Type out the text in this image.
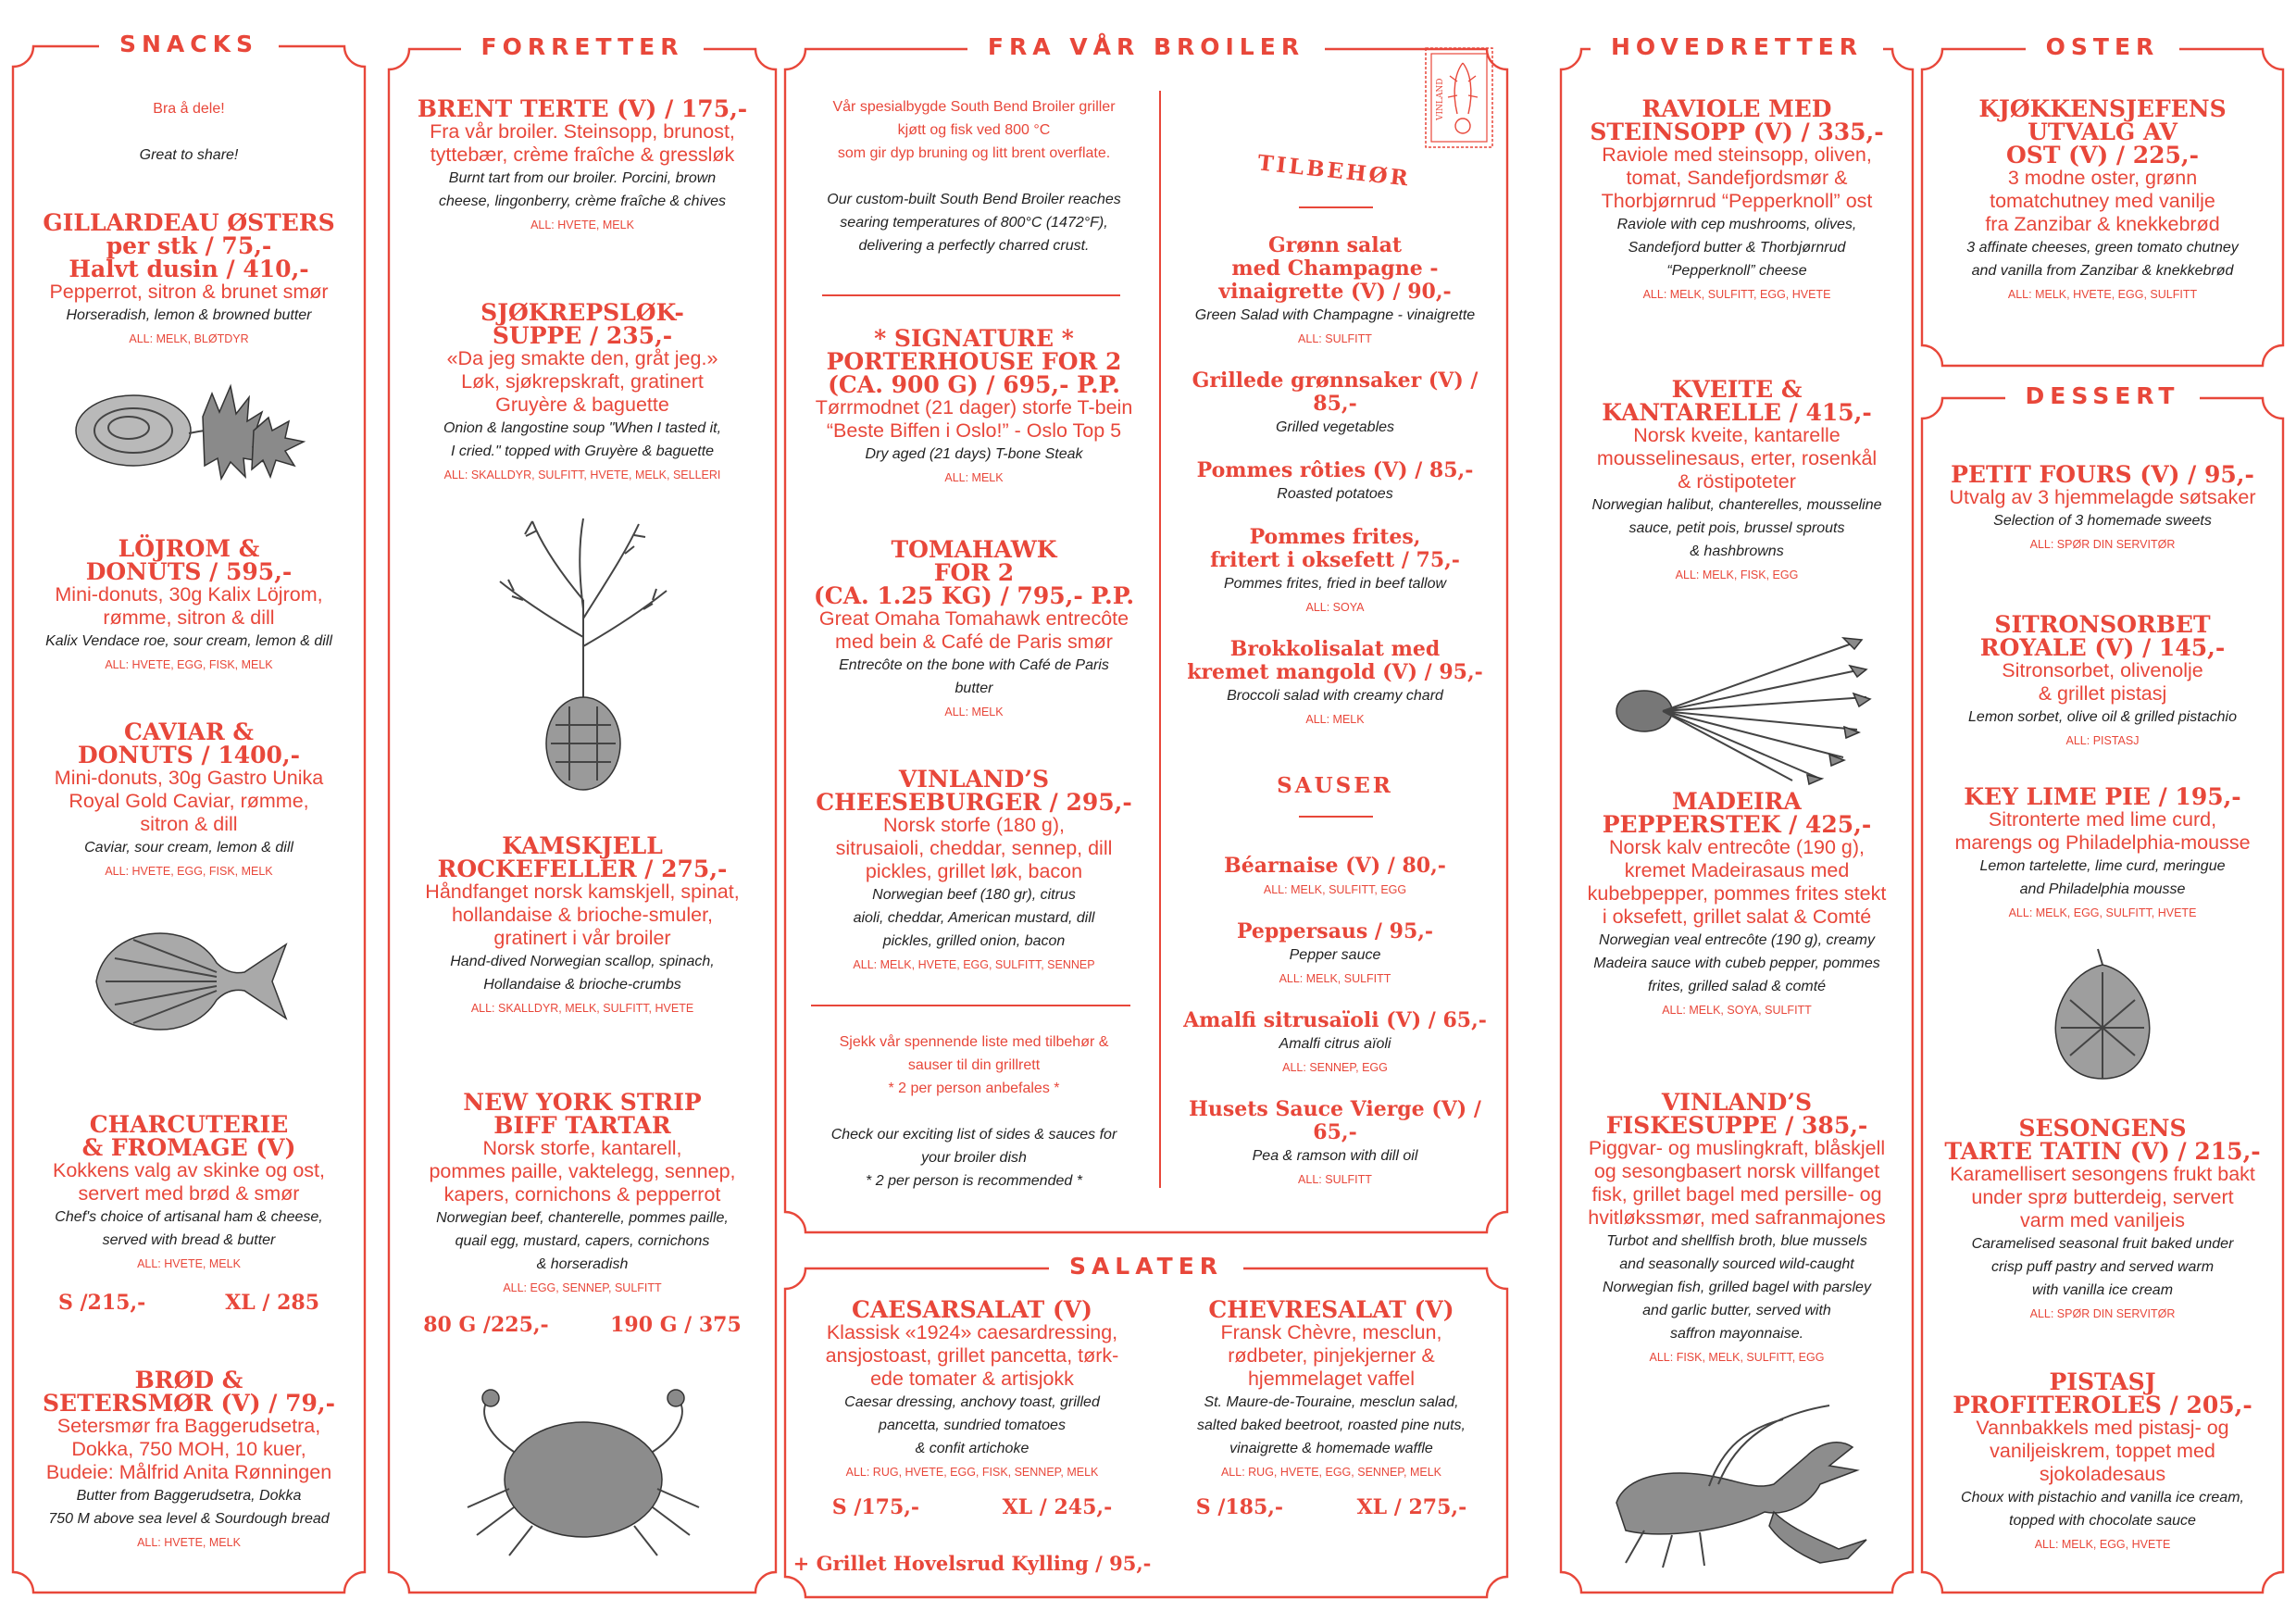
SNACKS
Bra å dele!
Great to share!
GILLARDEAU ØSTERS
per stk / 75,-
Halvt dusin / 410,-
Pepperrot, sitron & brunet smør
Horseradish, lemon & browned butter
ALL: MELK, BLØTDYR
LÖJROM &
DONUTS / 595,-
Mini-donuts, 30g Kalix Löjrom,
rømme, sitron & dill
Kalix Vendace roe, sour cream, lemon & dill
ALL: HVETE, EGG, FISK, MELK
CAVIAR &
DONUTS / 1400,-
Mini-donuts, 30g Gastro Unika
Royal Gold Caviar, rømme,
sitron & dill
Caviar, sour cream, lemon & dill
ALL: HVETE, EGG, FISK, MELK
CHARCUTERIE
& FROMAGE (V)
Kokkens valg av skinke og ost,
servert med brød & smør
Chef's choice of artisanal ham & cheese,
served with bread & butter
ALL: HVETE, MELK
S /215,-	XL / 285
BRØD &
SETERSMØR (V) / 79,-
Setersmør fra Baggerudsetra,
Dokka, 750 MOH, 10 kuer,
Budeie: Målfrid Anita Rønningen
Butter from Baggerudsetra, Dokka
750 M above sea level & Sourdough bread
ALL: HVETE, MELK
FORRETTER
BRENT TERTE (V) / 175,-
Fra vår broiler. Steinsopp, brunost,
tyttebær, crème fraîche & gressløk
Burnt tart from our broiler. Porcini, brown
cheese, lingonberry, crème fraîche & chives
ALL: HVETE, MELK
SJØKREPSLØK-
SUPPE / 235,-
«Da jeg smakte den, gråt jeg.»
Løk, sjøkrepskraft, gratinert
Gruyère & baguette
Onion & langostine soup "When I tasted it,
I cried." topped with Gruyère & baguette
ALL: SKALLDYR, SULFITT, HVETE, MELK, SELLERI
KAMSKJELL
ROCKEFELLER / 275,-
Håndfanget norsk kamskjell, spinat,
hollandaise & brioche-smuler,
gratinert i vår broiler
Hand-dived Norwegian scallop, spinach,
Hollandaise & brioche-crumbs
ALL: SKALLDYR, MELK, SULFITT, HVETE
NEW YORK STRIP
BIFF TARTAR
Norsk storfe, kantarell,
pommes paille, vaktelegg, sennep,
kapers, cornichons & pepperrot
Norwegian beef, chanterelle, pommes paille,
quail egg, mustard, capers, cornichons
& horseradish
ALL: EGG, SENNEP, SULFITT
80 G /225,-	190 G / 375
FRA VÅR BROILER
Vår spesialbygde South Bend Broiler griller
kjøtt og fisk ved 800 °C
som gir dyp bruning og litt brent overflate.
Our custom-built South Bend Broiler reaches
searing temperatures of 800°C (1472°F),
delivering a perfectly charred crust.
* SIGNATURE *
PORTERHOUSE FOR 2
(CA. 900 G) / 695,- P.P.
Tørrmodnet (21 dager) storfe T-bein
“Beste Biffen i Oslo!” - Oslo Top 5
Dry aged (21 days) T-bone Steak
ALL: MELK
TOMAHAWK
FOR 2
(CA. 1.25 KG) / 795,- P.P.
Great Omaha Tomahawk entrecôte
med bein & Café de Paris smør
Entrecôte on the bone with Café de Paris
butter
ALL: MELK
VINLAND’S
CHEESEBURGER / 295,-
Norsk storfe (180 g),
sitrusaioli, cheddar, sennep, dill
pickles, grillet løk, bacon
Norwegian beef (180 gr), citrus
aioli, cheddar, American mustard, dill
pickles, grilled onion, bacon
ALL: MELK, HVETE, EGG, SULFITT, SENNEP
Sjekk vår spennende liste med tilbehør &
sauser til din grillrett
* 2 per person anbefales *
Check our exciting list of sides & sauces for
your broiler dish
* 2 per person is recommended *
VINLAND
TILBEHØR
Grønn salat
med Champagne -
vinaigrette (V) / 90,-
Green Salad with Champagne - vinaigrette
ALL: SULFITT
Grillede grønnsaker (V) / 85,-
Grilled vegetables
Pommes rôties (V) / 85,-
Roasted potatoes
Pommes frites,
fritert i oksefett / 75,-
Pommes frites, fried in beef tallow
ALL: SOYA
Brokkolisalat med
kremet mangold (V) / 95,-
Broccoli salad with creamy chard
ALL: MELK
SAUSER
Béarnaise (V) / 80,-
ALL: MELK, SULFITT, EGG
Peppersaus / 95,-
Pepper sauce
ALL: MELK, SULFITT
Amalfi sitrusaïoli (V) / 65,-
Amalfi citrus aïoli
ALL: SENNEP, EGG
Husets Sauce Vierge (V) / 65,-
Pea & ramson with dill oil
ALL: SULFITT
SALATER
CAESARSALAT (V)
Klassisk «1924» caesardressing,
ansjostoast, grillet pancetta, tørk-
ede tomater & artisjokk
Caesar dressing, anchovy toast, grilled
pancetta, sundried tomatoes
& confit artichoke
ALL: RUG, HVETE, EGG, FISK, SENNEP, MELK
S /175,-	XL / 245,-
CHEVRESALAT (V)
Fransk Chèvre, mesclun,
rødbeter, pinjekjerner &
hjemmelaget vaffel
St. Maure-de-Touraine, mesclun salad,
salted baked beetroot, roasted pine nuts,
vinaigrette & homemade waffle
ALL: RUG, HVETE, EGG, SENNEP, MELK
S /185,-	XL / 275,-
+ Grillet Hovelsrud Kylling / 95,-
HOVEDRETTER
RAVIOLE MED
STEINSOPP (V) / 335,-
Raviole med steinsopp, oliven,
tomat, Sandefjordsmør &
Thorbjørnrud “Pepperknoll” ost
Raviole with cep mushrooms, olives,
Sandefjord butter & Thorbjørnrud
“Pepperknoll” cheese
ALL: MELK, SULFITT, EGG, HVETE
KVEITE &
KANTARELLE / 415,-
Norsk kveite, kantarelle
mousselinesaus, erter, rosenkål
& röstipoteter
Norwegian halibut, chanterelles, mousseline
sauce, petit pois, brussel sprouts
& hashbrowns
ALL: MELK, FISK, EGG
MADEIRA
PEPPERSTEK / 425,-
Norsk kalv entrecôte (190 g),
kremet Madeirasaus med
kubebpepper, pommes frites stekt
i oksefett, grillet salat & Comté
Norwegian veal entrecôte (190 g), creamy
Madeira sauce with cubeb pepper, pommes
frites, grilled salad & comté
ALL: MELK, SOYA, SULFITT
VINLAND’S
FISKESUPPE / 385,-
Piggvar- og muslingkraft, blåskjell
og sesongbasert norsk villfanget
fisk, grillet bagel med persille- og
hvitløkssmør, med safranmajones
Turbot and shellfish broth, blue mussels
and seasonally sourced wild-caught
Norwegian fish, grilled bagel with parsley
and garlic butter, served with
saffron mayonnaise.
ALL: FISK, MELK, SULFITT, EGG
OSTER
KJØKKENSJEFENS
UTVALG AV
OST (V) / 225,-
3 modne oster, grønn
tomatchutney med vanilje
fra Zanzibar & knekkebrød
3 affinate cheeses, green tomato chutney
and vanilla from Zanzibar & knekkebrød
ALL: MELK, HVETE, EGG, SULFITT
DESSERT
PETIT FOURS (V) / 95,-
Utvalg av 3 hjemmelagde søtsaker
Selection of 3 homemade sweets
ALL: SPØR DIN SERVITØR
SITRONSORBET
ROYALE (V) / 145,-
Sitronsorbet, olivenolje
& grillet pistasj
Lemon sorbet, olive oil & grilled pistachio
ALL: PISTASJ
KEY LIME PIE / 195,-
Sitronterte med lime curd,
marengs og Philadelphia-mousse
Lemon tartelette, lime curd, meringue
and Philadelphia mousse
ALL: MELK, EGG, SULFITT, HVETE
SESONGENS
TARTE TATIN (V) / 215,-
Karamellisert sesongens frukt bakt
under sprø butterdeig, servert
varm med vaniljeis
Caramelised seasonal fruit baked under
crisp puff pastry and served warm
with vanilla ice cream
ALL: SPØR DIN SERVITØR
PISTASJ
PROFITEROLES / 205,-
Vannbakkels med pistasj- og
vaniljeiskrem, toppet med
sjokoladesaus
Choux with pistachio and vanilla ice cream,
topped with chocolate sauce
ALL: MELK, EGG, HVETE
